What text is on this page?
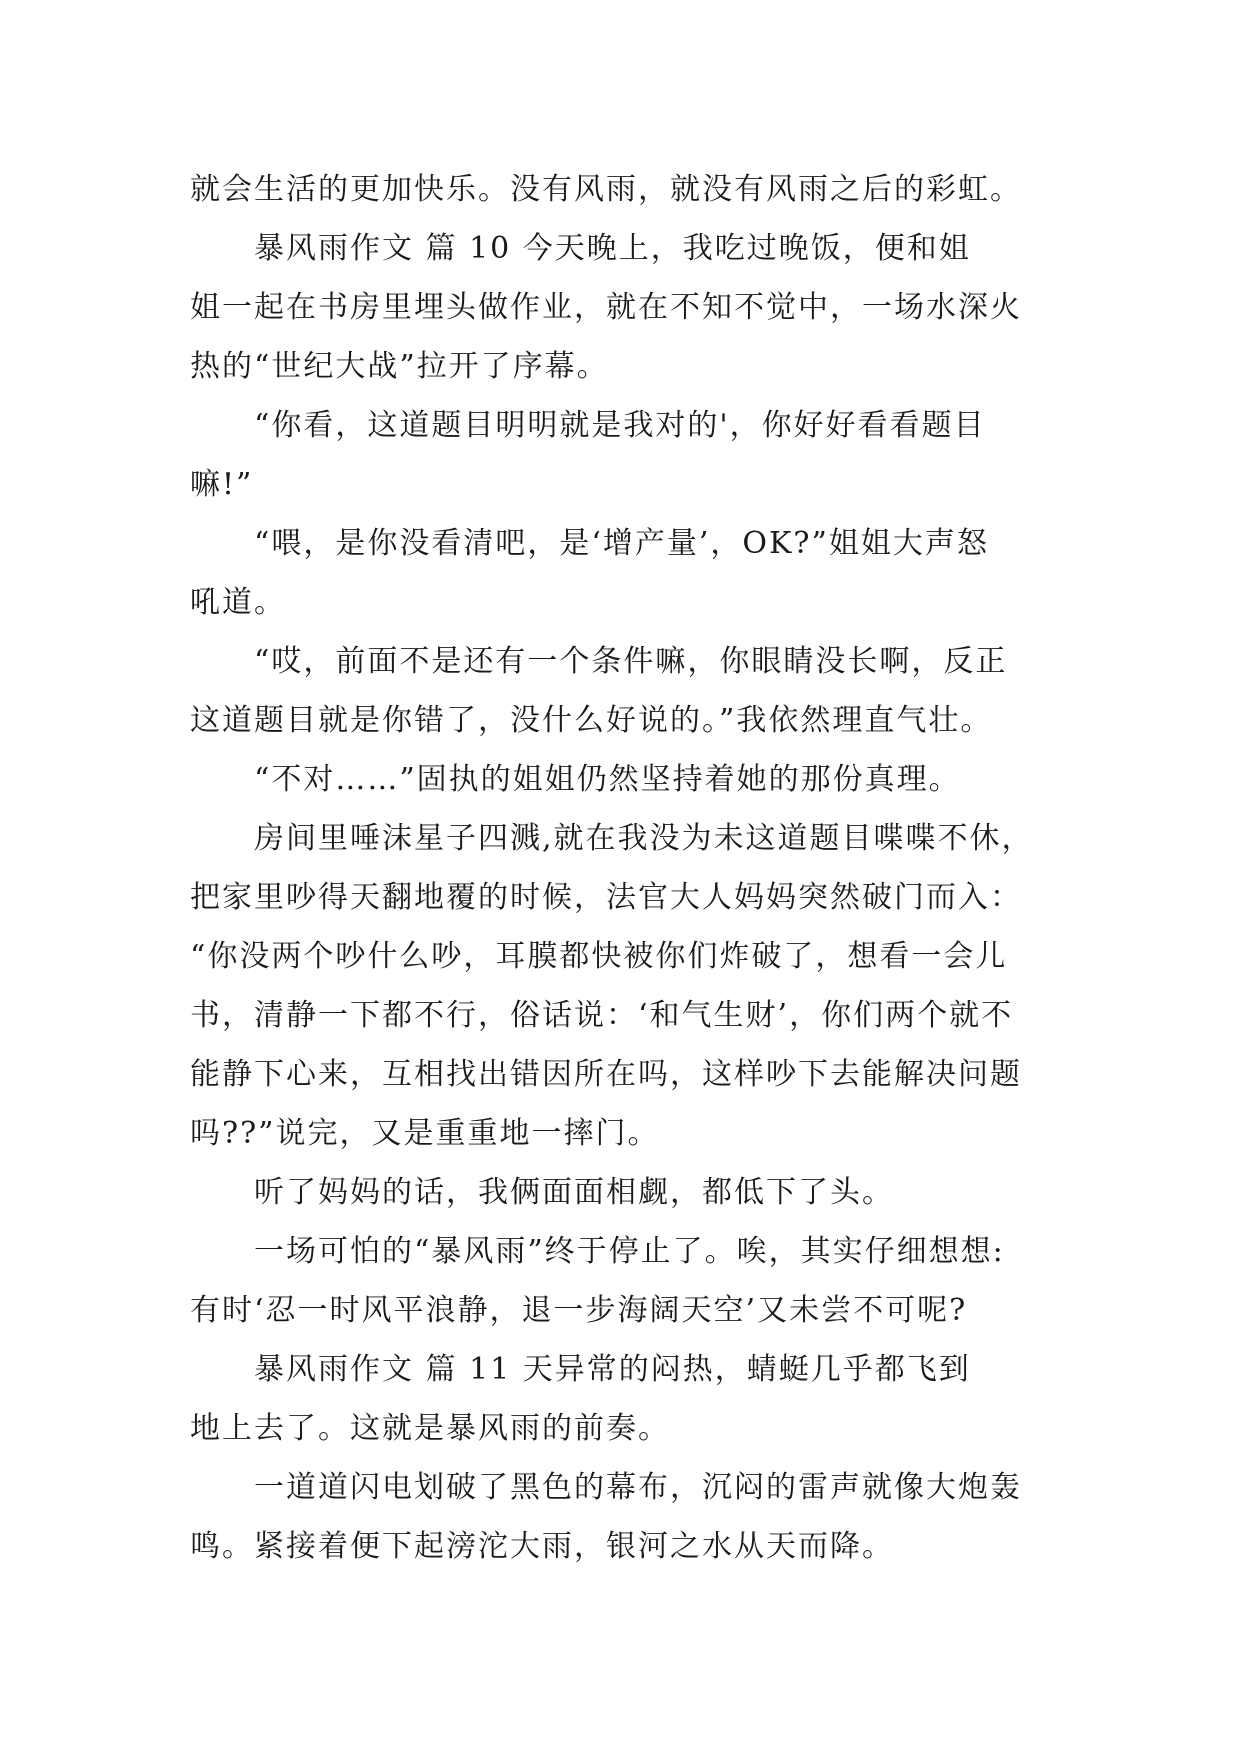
就会生活的更加快乐。没有风雨，就没有风雨之后的彩虹。
暴风雨作文 篇 10 今天晚上，我吃过晚饭，便和姐
姐一起在书房里埋头做作业，就在不知不觉中，一场水深火
热的“世纪大战”拉开了序幕。
“你看，这道题目明明就是我对的'，你好好看看题目
嘛!”
“喂，是你没看清吧，是‘增产量’，OK?”姐姐大声怒
吼道。
“哎，前面不是还有一个条件嘛，你眼睛没长啊，反正
这道题目就是你错了，没什么好说的。”我依然理直气壮。
“不对……”固执的姐姐仍然坚持着她的那份真理。
房间里唾沫星子四溅,就在我没为未这道题目喋喋不休，
把家里吵得天翻地覆的时候，法官大人妈妈突然破门而入：
“你没两个吵什么吵，耳膜都快被你们炸破了，想看一会儿
书，清静一下都不行，俗话说：‘和气生财’，你们两个就不
能静下心来，互相找出错因所在吗，这样吵下去能解决问题
吗??”说完，又是重重地一摔门。
听了妈妈的话，我俩面面相觑，都低下了头。
一场可怕的“暴风雨”终于停止了。唉，其实仔细想想:
有时‘忍一时风平浪静，退一步海阔天空’又未尝不可呢?
暴风雨作文 篇 11 天异常的闷热，蜻蜓几乎都飞到
地上去了。这就是暴风雨的前奏。
一道道闪电划破了黑色的幕布，沉闷的雷声就像大炮轰
鸣。紧接着便下起滂沱大雨，银河之水从天而降。
